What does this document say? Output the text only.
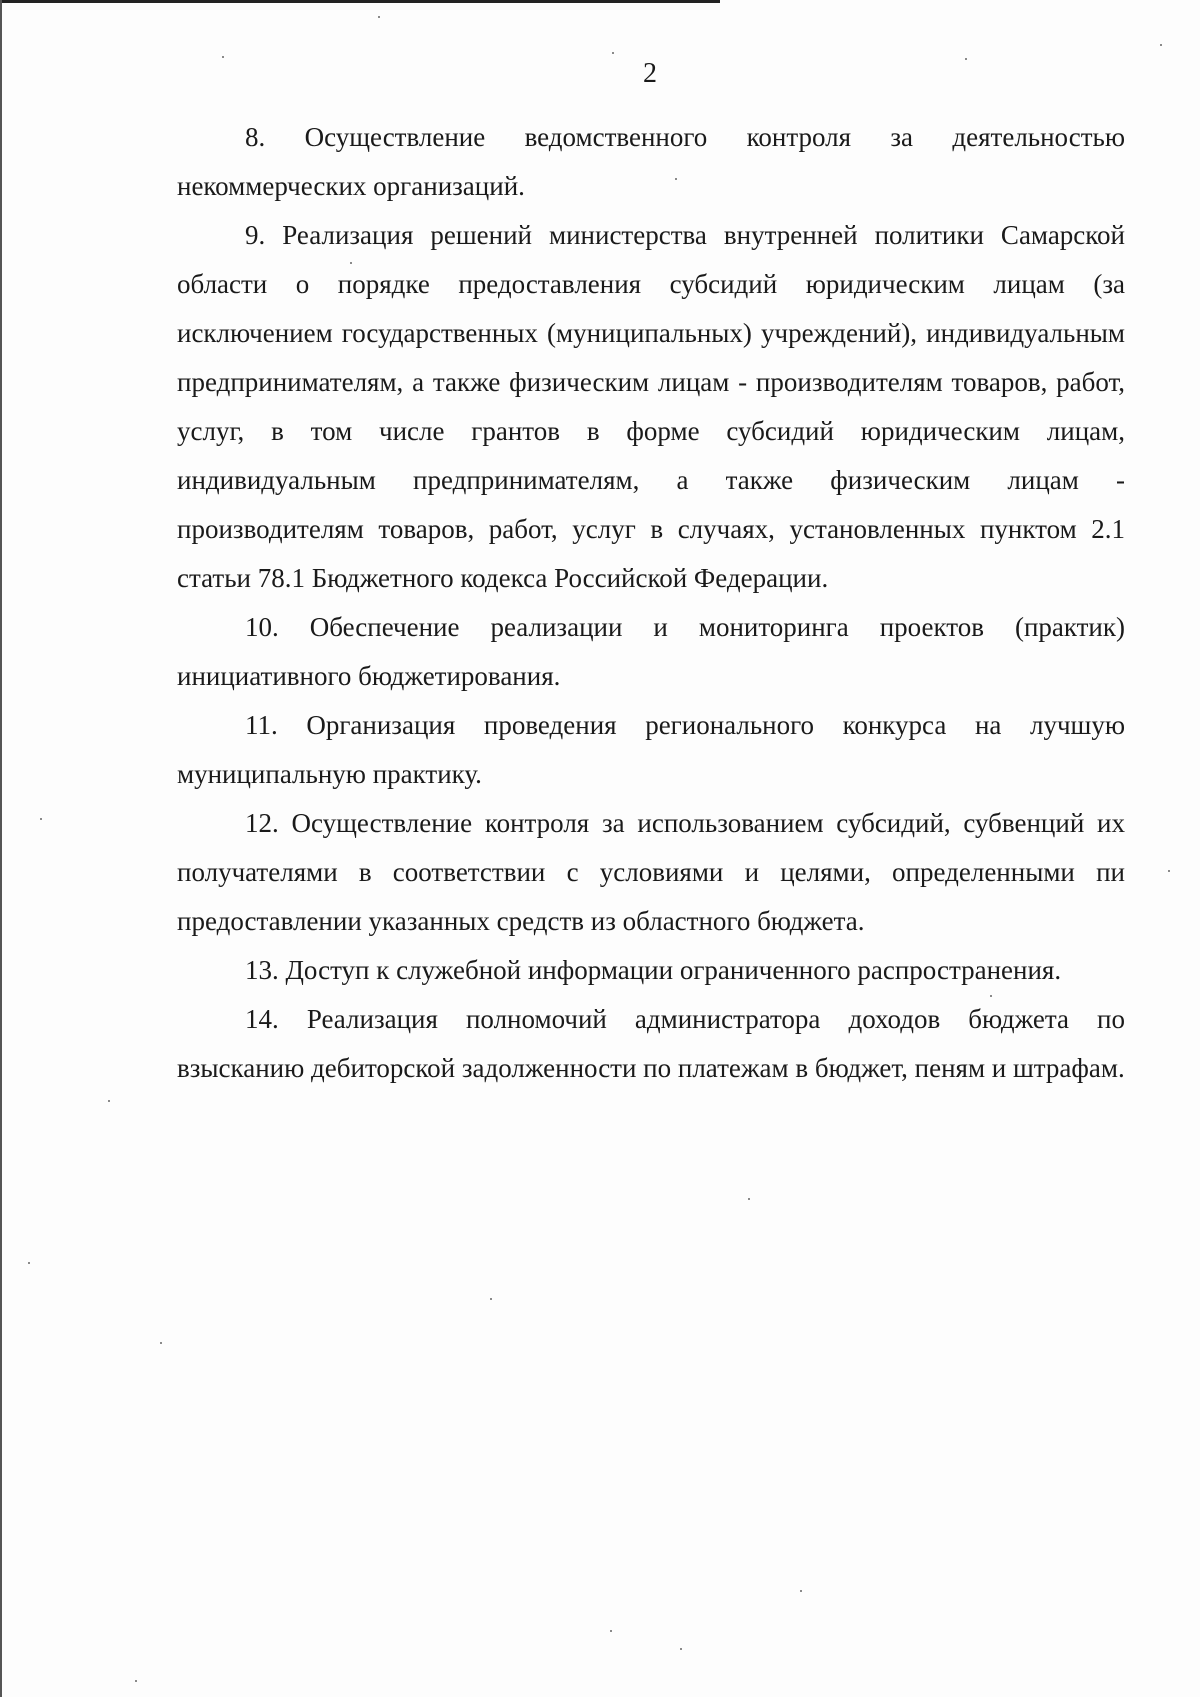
2

8. Осуществление ведомственного контроля за деятельностью некоммерческих организаций.

9. Реализация решений министерства внутренней политики Самарской области о порядке предоставления субсидий юридическим лицам (за исключением государственных (муниципальных) учреждений), индивидуальным предпринимателям, а также физическим лицам - производителям товаров, работ, услуг, в том числе грантов в форме субсидий юридическим лицам, индивидуальным предпринимателям, а также физическим лицам - производителям товаров, работ, услуг в случаях, установленных пунктом 2.1 статьи 78.1 Бюджетного кодекса Российской Федерации.

10. Обеспечение реализации и мониторинга проектов (практик) инициативного бюджетирования.

11. Организация проведения регионального конкурса на лучшую муниципальную практику.

12. Осуществление контроля за использованием субсидий, субвенций их получателями в соответствии с условиями и целями, определенными пи предоставлении указанных средств из областного бюджета.

13. Доступ к служебной информации ограниченного распространения.

14. Реализация полномочий администратора доходов бюджета по взысканию дебиторской задолженности по платежам в бюджет, пеням и штрафам.
